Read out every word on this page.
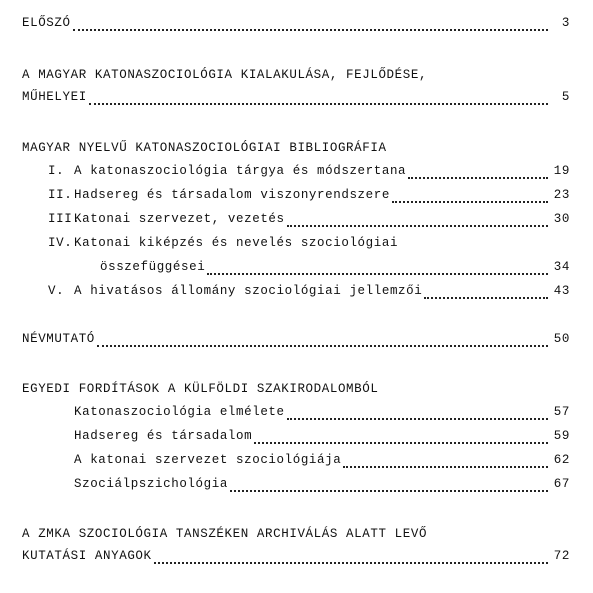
ELŐSZÓ	3
A MAGYAR KATONASZOCIOLÓGIA KIALAKULÁSA, FEJLŐDÉSE,
MŰHELYEI	5
MAGYAR NYELVŰ KATONASZOCIOLÓGIAI BIBLIOGRÁFIA
I. A katonaszociológia tárgya és módszertana	19
II. Hadsereg és társadalom viszonyrendszere	23
III.Katonai szervezet, vezetés	30
IV. Katonai kiképzés és nevelés szociológiai
összefüggései	34
V. A hivatásos állomány szociológiai jellemzői	43
NÉVMUTATÓ	50
EGYEDI FORDÍTÁSOK A KÜLFÖLDI SZAKIRODALOMBÓL
Katonaszociológia elmélete	57
Hadsereg és társadalom	59
A katonai szervezet szociológiája	62
Szociálpszichológia	67
A ZMKA SZOCIOLÓGIA TANSZÉKEN ARCHIVÁLÁS ALATT LEVŐ
KUTATÁSI ANYAGOK	72
